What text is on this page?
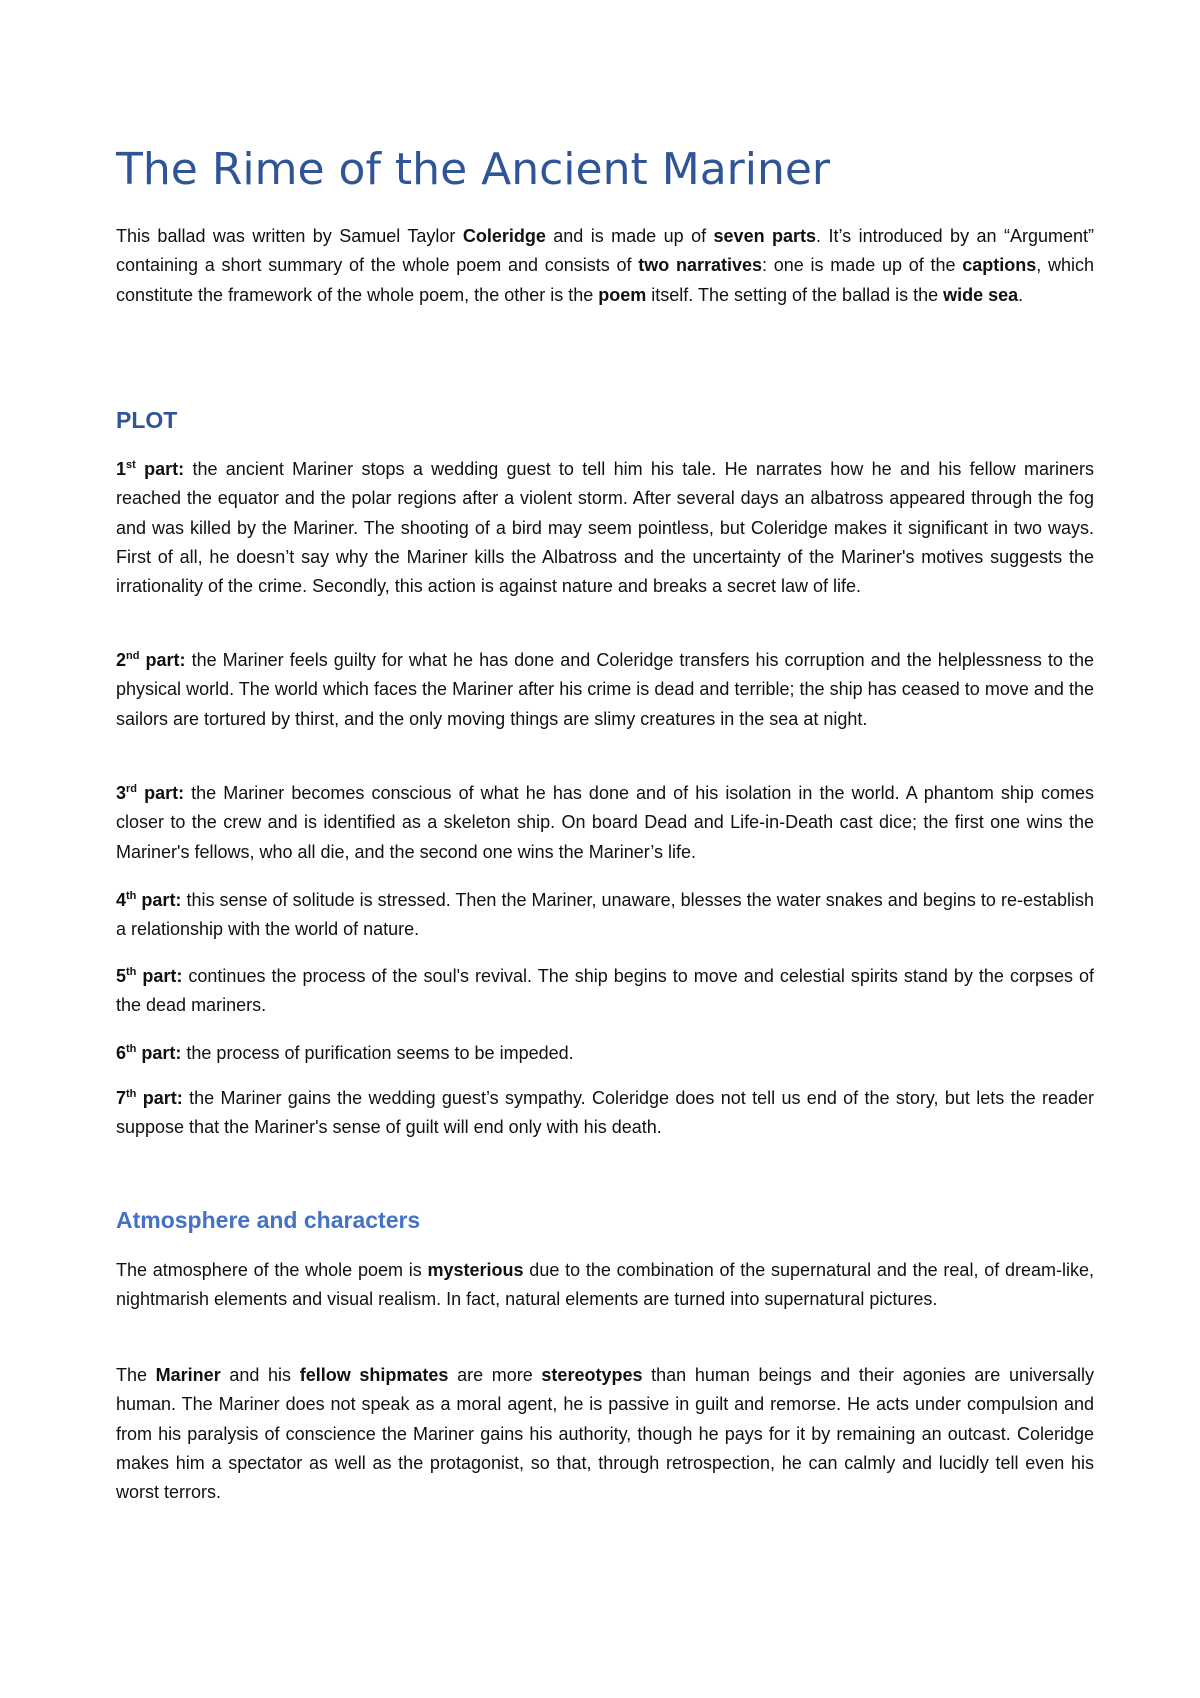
The Rime of the Ancient Mariner

This ballad was written by Samuel Taylor Coleridge and is made up of seven parts. It’s introduced by an “Argument” containing a short summary of the whole poem and consists of two narratives: one is made up of the captions, which constitute the framework of the whole poem, the other is the poem itself. The setting of the ballad is the wide sea.

PLOT

1st part: the ancient Mariner stops a wedding guest to tell him his tale. He narrates how he and his fellow mariners reached the equator and the polar regions after a violent storm. After several days an albatross appeared through the fog and was killed by the Mariner. The shooting of a bird may seem pointless, but Coleridge makes it significant in two ways. First of all, he doesn’t say why the Mariner kills the Albatross and the uncertainty of the Mariner's motives suggests the irrationality of the crime. Secondly, this action is against nature and breaks a secret law of life.

2nd part: the Mariner feels guilty for what he has done and Coleridge transfers his corruption and the helplessness to the physical world. The world which faces the Mariner after his crime is dead and terrible; the ship has ceased to move and the sailors are tortured by thirst, and the only moving things are slimy creatures in the sea at night.

3rd part: the Mariner becomes conscious of what he has done and of his isolation in the world. A phantom ship comes closer to the crew and is identified as a skeleton ship. On board Dead and Life-in-Death cast dice; the first one wins the Mariner's fellows, who all die, and the second one wins the Mariner’s life.

4th part: this sense of solitude is stressed. Then the Mariner, unaware, blesses the water snakes and begins to re-establish a relationship with the world of nature.

5th part: continues the process of the soul's revival. The ship begins to move and celestial spirits stand by the corpses of the dead mariners.

6th part: the process of purification seems to be impeded.

7th part: the Mariner gains the wedding guest’s sympathy. Coleridge does not tell us end of the story, but lets the reader suppose that the Mariner's sense of guilt will end only with his death.

Atmosphere and characters

The atmosphere of the whole poem is mysterious due to the combination of the supernatural and the real, of dream-like, nightmarish elements and visual realism. In fact, natural elements are turned into supernatural pictures.

The Mariner and his fellow shipmates are more stereotypes than human beings and their agonies are universally human. The Mariner does not speak as a moral agent, he is passive in guilt and remorse. He acts under compulsion and from his paralysis of conscience the Mariner gains his authority, though he pays for it by remaining an outcast. Coleridge makes him a spectator as well as the protagonist, so that, through retrospection, he can calmly and lucidly tell even his worst terrors.
